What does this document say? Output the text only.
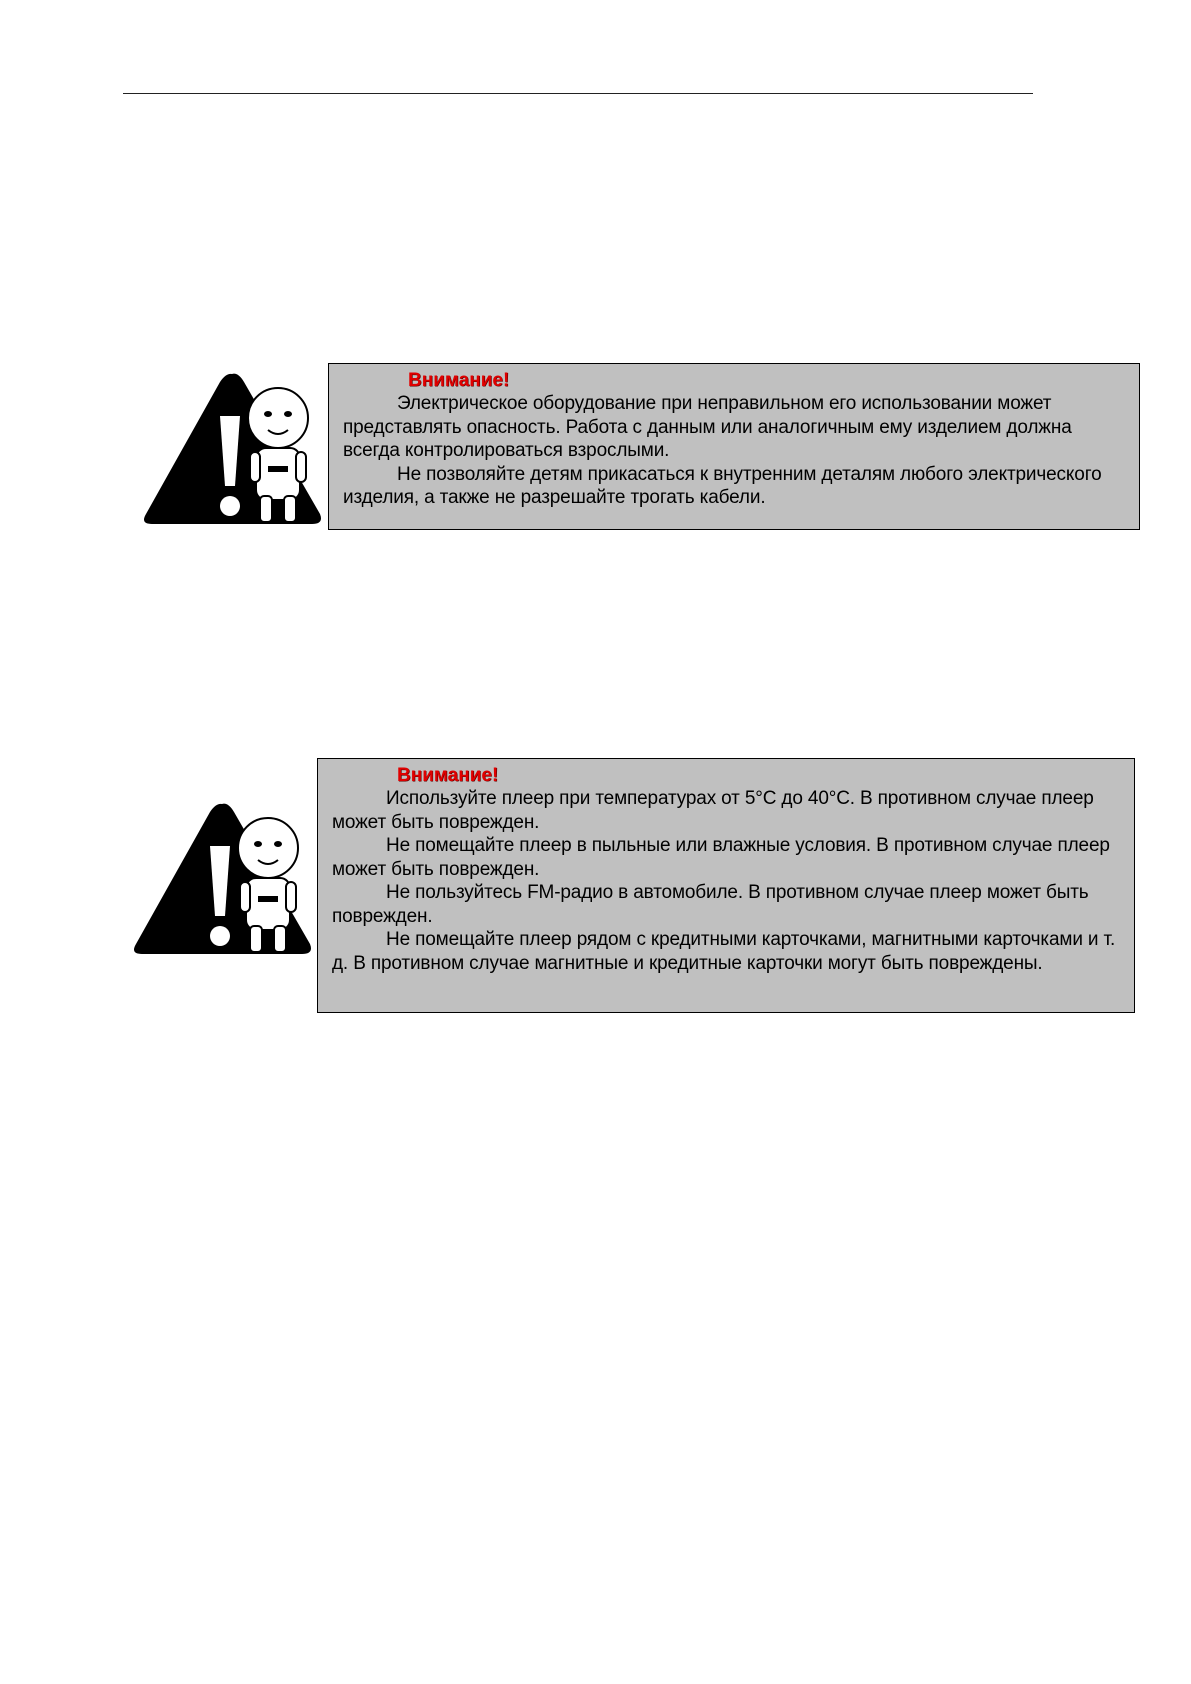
Внимание!

Электрическое оборудование при неправильном его использовании может представлять опасность. Работа с данным или аналогичным ему изделием должна всегда контролироваться взрослыми.

Не позволяйте детям прикасаться к внутренним деталям любого электрического изделия, а также не разрешайте трогать кабели.

Внимание!

Используйте плеер при температурах от 5°C до 40°C. В противном случае плеер может быть поврежден.

Не помещайте плеер в пыльные или влажные условия. В противном случае плеер может быть поврежден.

Не пользуйтесь FM-радио в автомобиле. В противном случае плеер может быть поврежден.

Не помещайте плеер рядом с кредитными карточками, магнитными карточками и т. д. В противном случае магнитные и кредитные карточки могут быть повреждены.
